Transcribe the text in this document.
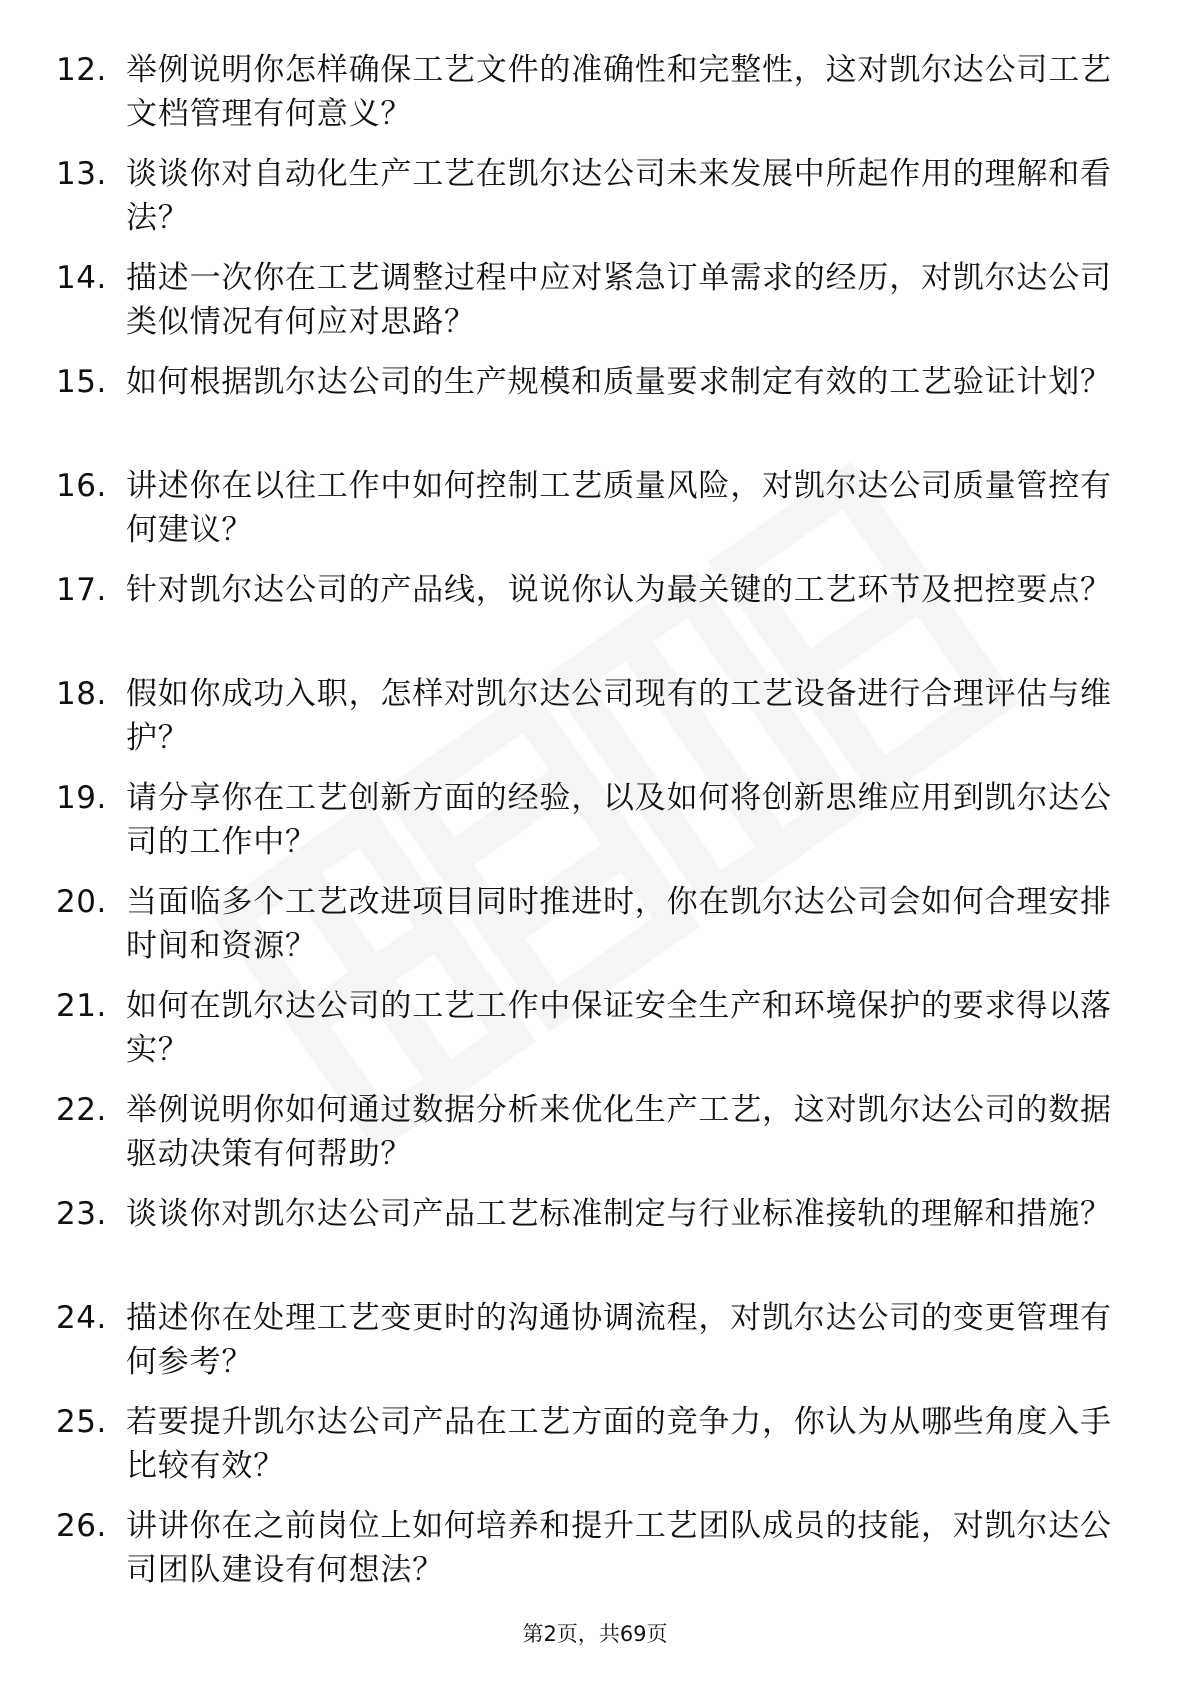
12. 举例说明你怎样确保工艺文件的准确性和完整性，这对凯尔达公司工艺文档管理有何意义？
13. 谈谈你对自动化生产工艺在凯尔达公司未来发展中所起作用的理解和看法？
14. 描述一次你在工艺调整过程中应对紧急订单需求的经历，对凯尔达公司类似情况有何应对思路？
15. 如何根据凯尔达公司的生产规模和质量要求制定有效的工艺验证计划？
16. 讲述你在以往工作中如何控制工艺质量风险，对凯尔达公司质量管控有何建议？
17. 针对凯尔达公司的产品线，说说你认为最关键的工艺环节及把控要点？
18. 假如你成功入职，怎样对凯尔达公司现有的工艺设备进行合理评估与维护？
19. 请分享你在工艺创新方面的经验，以及如何将创新思维应用到凯尔达公司的工作中？
20. 当面临多个工艺改进项目同时推进时，你在凯尔达公司会如何合理安排时间和资源？
21. 如何在凯尔达公司的工艺工作中保证安全生产和环境保护的要求得以落实？
22. 举例说明你如何通过数据分析来优化生产工艺，这对凯尔达公司的数据驱动决策有何帮助？
23. 谈谈你对凯尔达公司产品工艺标准制定与行业标准接轨的理解和措施？
24. 描述你在处理工艺变更时的沟通协调流程，对凯尔达公司的变更管理有何参考？
25. 若要提升凯尔达公司产品在工艺方面的竞争力，你认为从哪些角度入手比较有效？
26. 讲讲你在之前岗位上如何培养和提升工艺团队成员的技能，对凯尔达公司团队建设有何想法？
第2页，共69页
